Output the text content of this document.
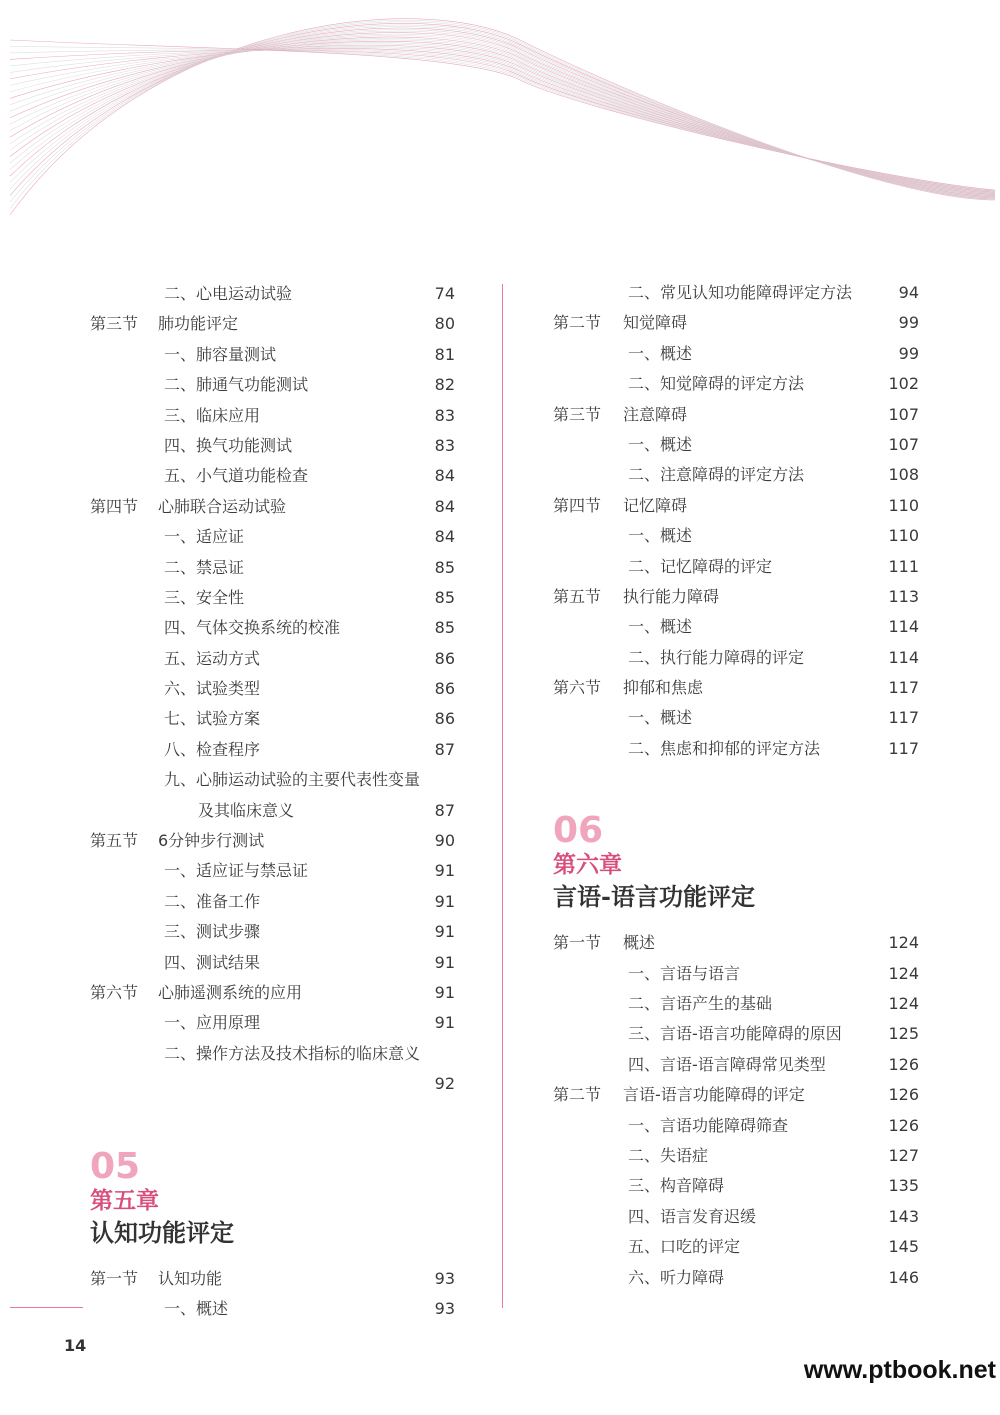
二、心电运动试验	74
第三节 肺功能评定	80
一、肺容量测试	81
二、肺通气功能测试	82
三、临床应用	83
四、换气功能测试	83
五、小气道功能检查	84
第四节 心肺联合运动试验	84
一、适应证	84
二、禁忌证	85
三、安全性	85
四、气体交换系统的校准	85
五、运动方式	86
六、试验类型	86
七、试验方案	86
八、检查程序	87
九、心肺运动试验的主要代表性变量
及其临床意义	87
第五节 6分钟步行测试	90
一、适应证与禁忌证	91
二、准备工作	91
三、测试步骤	91
四、测试结果	91
第六节 心肺遥测系统的应用	91
一、应用原理	91
二、操作方法及技术指标的临床意义
92
05
第五章
认知功能评定
第一节 认知功能	93
一、概述	93
二、常见认知功能障碍评定方法	94
第二节 知觉障碍	99
一、概述	99
二、知觉障碍的评定方法	102
第三节 注意障碍	107
一、概述	107
二、注意障碍的评定方法	108
第四节 记忆障碍	110
一、概述	110
二、记忆障碍的评定	111
第五节 执行能力障碍	113
一、概述	114
二、执行能力障碍的评定	114
第六节 抑郁和焦虑	117
一、概述	117
二、焦虑和抑郁的评定方法	117
06
第六章
言语-语言功能评定
第一节 概述	124
一、言语与语言	124
二、言语产生的基础	124
三、言语-语言功能障碍的原因	125
四、言语-语言障碍常见类型	126
第二节 言语-语言功能障碍的评定	126
一、言语功能障碍筛查	126
二、失语症	127
三、构音障碍	135
四、语言发育迟缓	143
五、口吃的评定	145
六、听力障碍	146
14
www.ptbook.net
